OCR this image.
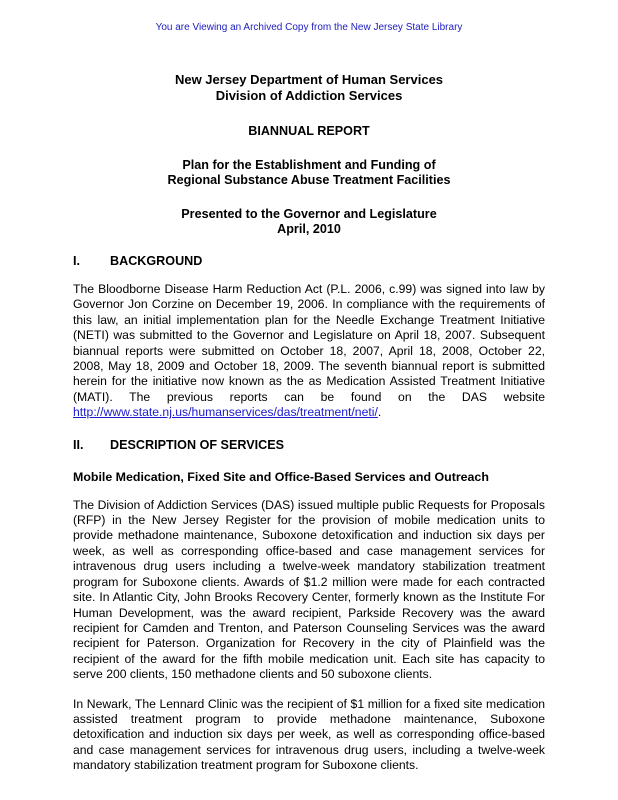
You are Viewing an Archived Copy from the New Jersey State Library
New Jersey Department of Human Services
Division of Addiction Services
BIANNUAL REPORT
Plan for the Establishment and Funding of
Regional Substance Abuse Treatment Facilities
Presented to the Governor and Legislature
April, 2010
I.	BACKGROUND
The Bloodborne Disease Harm Reduction Act (P.L. 2006, c.99) was signed into law by Governor Jon Corzine on December 19, 2006. In compliance with the requirements of this law, an initial implementation plan for the Needle Exchange Treatment Initiative (NETI) was submitted to the Governor and Legislature on April 18, 2007. Subsequent biannual reports were submitted on October 18, 2007, April 18, 2008, October 22, 2008, May 18, 2009 and October 18, 2009. The seventh biannual report is submitted herein for the initiative now known as the as Medication Assisted Treatment Initiative (MATI). The previous reports can be found on the DAS website http://www.state.nj.us/humanservices/das/treatment/neti/.
II.	DESCRIPTION OF SERVICES
Mobile Medication, Fixed Site and Office-Based Services and Outreach
The Division of Addiction Services (DAS) issued multiple public Requests for Proposals (RFP) in the New Jersey Register for the provision of mobile medication units to provide methadone maintenance, Suboxone detoxification and induction six days per week, as well as corresponding office-based and case management services for intravenous drug users including a twelve-week mandatory stabilization treatment program for Suboxone clients. Awards of $1.2 million were made for each contracted site. In Atlantic City, John Brooks Recovery Center, formerly known as the Institute For Human Development, was the award recipient, Parkside Recovery was the award recipient for Camden and Trenton, and Paterson Counseling Services was the award recipient for Paterson. Organization for Recovery in the city of Plainfield was the recipient of the award for the fifth mobile medication unit. Each site has capacity to serve 200 clients, 150 methadone clients and 50 suboxone clients.
In Newark, The Lennard Clinic was the recipient of $1 million for a fixed site medication assisted treatment program to provide methadone maintenance, Suboxone detoxification and induction six days per week, as well as corresponding office-based and case management services for intravenous drug users, including a twelve-week mandatory stabilization treatment program for Suboxone clients.
